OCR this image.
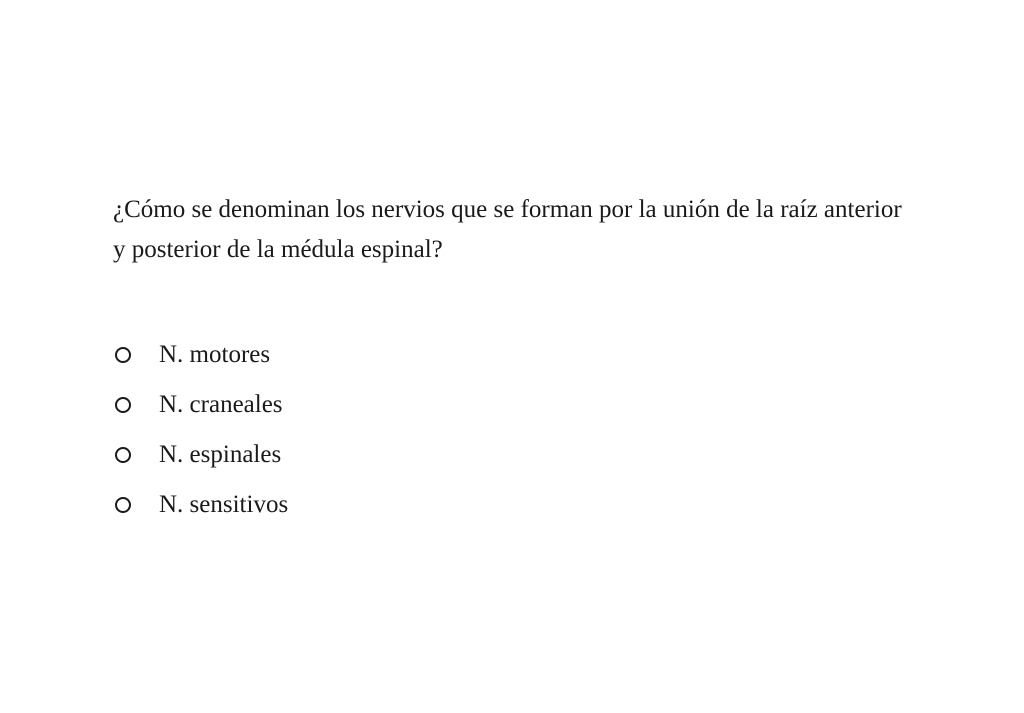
¿Cómo se denominan los nervios que se forman por la unión de la raíz anterior y posterior de la médula espinal?

N. motores
N. craneales
N. espinales
N. sensitivos
